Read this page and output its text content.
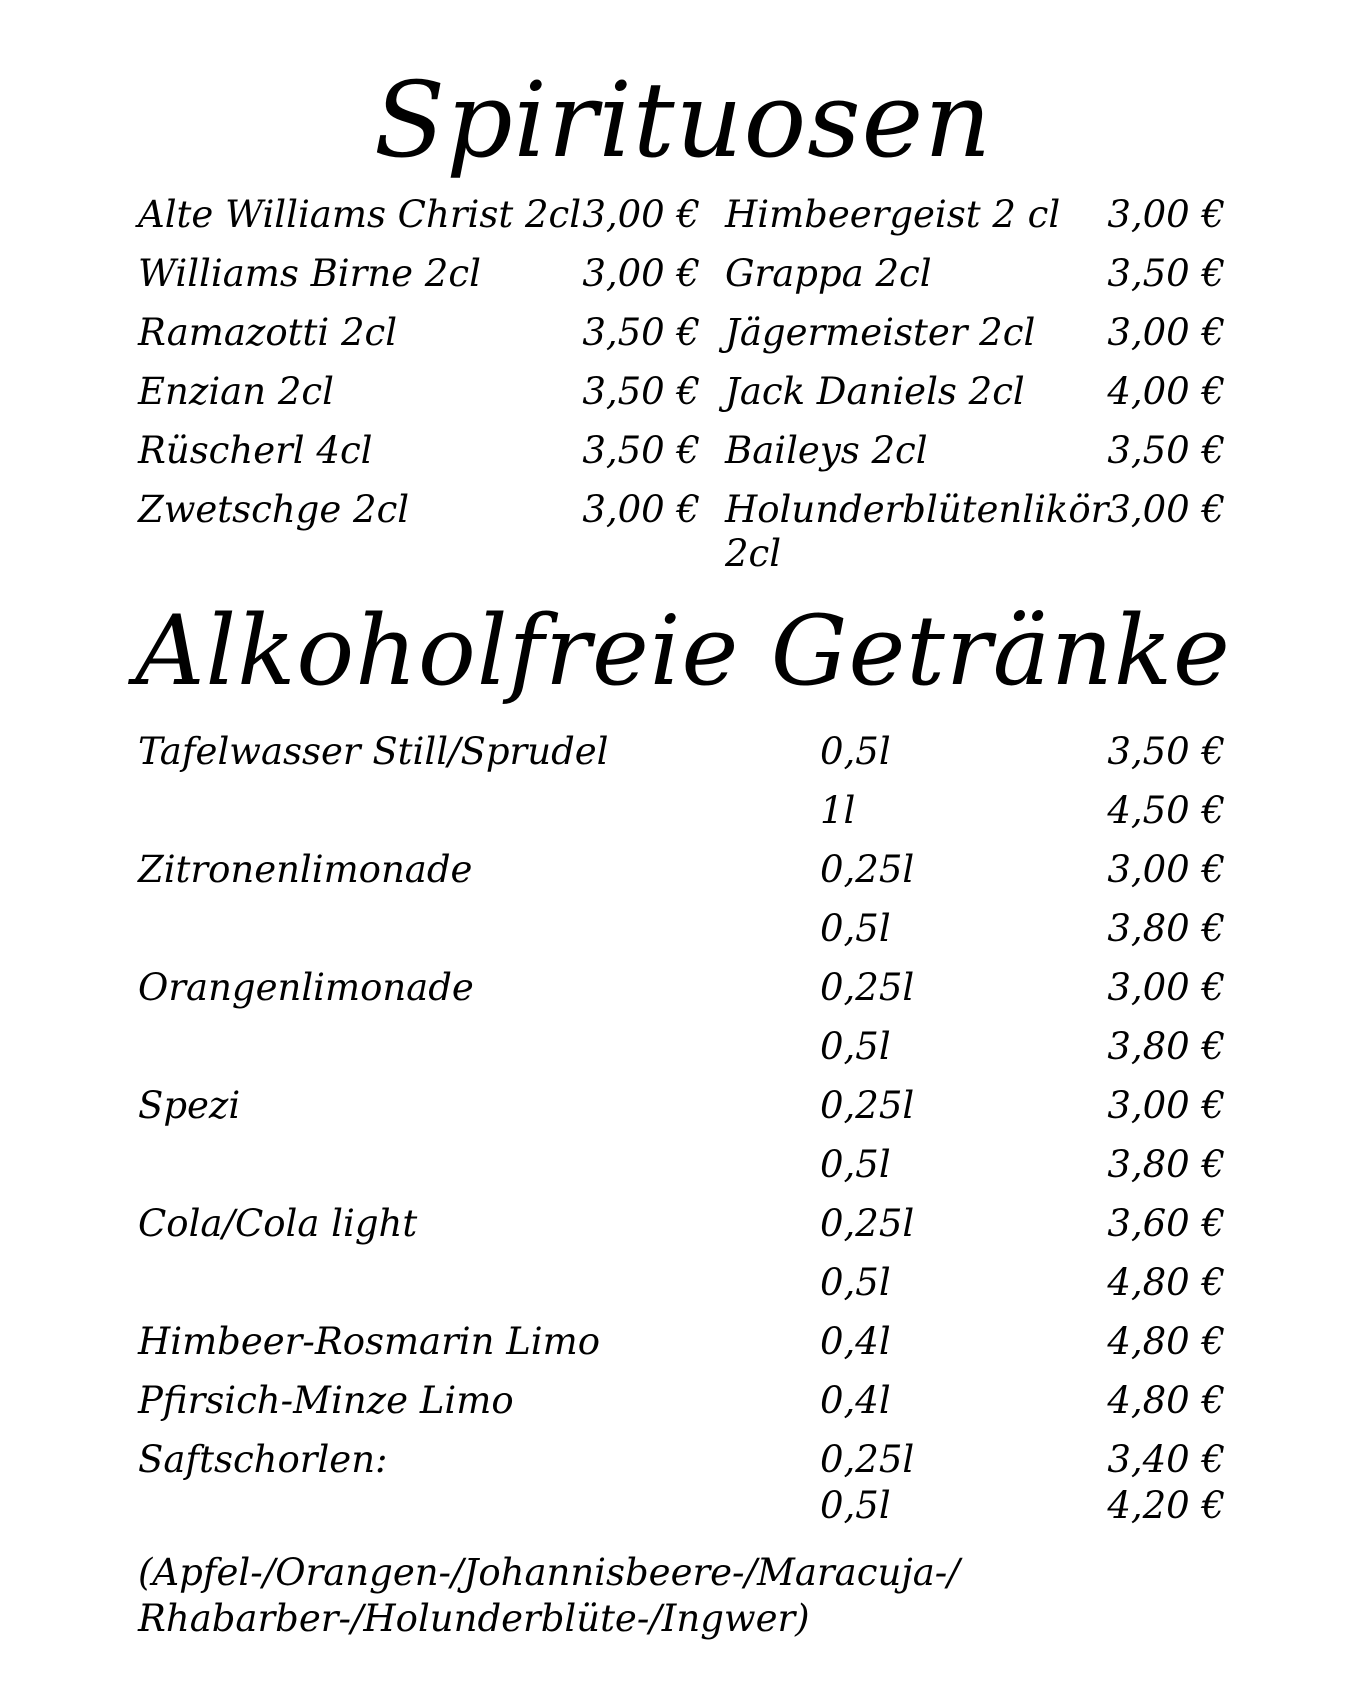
Spirituosen
Alte Williams Christ 2cl 3,00 €
Williams Birne 2cl	3,00 €
Ramazotti 2cl	3,50 €
Enzian 2cl	3,50 €
Rüscherl 4cl	3,50 €
Zwetschge 2cl	3,00 €
Himbeergeist 2 cl	3,00 €
Grappa 2cl	3,50 €
Jägermeister 2cl	3,00 €
Jack Daniels 2cl	4,00 €
Baileys 2cl	3,50 €
Holunderblütenlikör 3,00 €
2cl
Alkoholfreie Getränke
Tafelwasser Still/Sprudel	0,5l	3,50 €
1l	4,50 €
Zitronenlimonade	0,25l	3,00 €
0,5l	3,80 €
Orangenlimonade	0,25l	3,00 €
0,5l	3,80 €
Spezi	0,25l	3,00 €
0,5l	3,80 €
Cola/Cola light	0,25l	3,60 €
0,5l	4,80 €
Himbeer-Rosmarin Limo	0,4l	4,80 €
Pfirsich-Minze Limo	0,4l	4,80 €
Saftschorlen:	0,25l	3,40 €
0,5l	4,20 €
(Apfel-/Orangen-/Johannisbeere-/Maracuja-/
Rhabarber-/Holunderblüte-/Ingwer)
